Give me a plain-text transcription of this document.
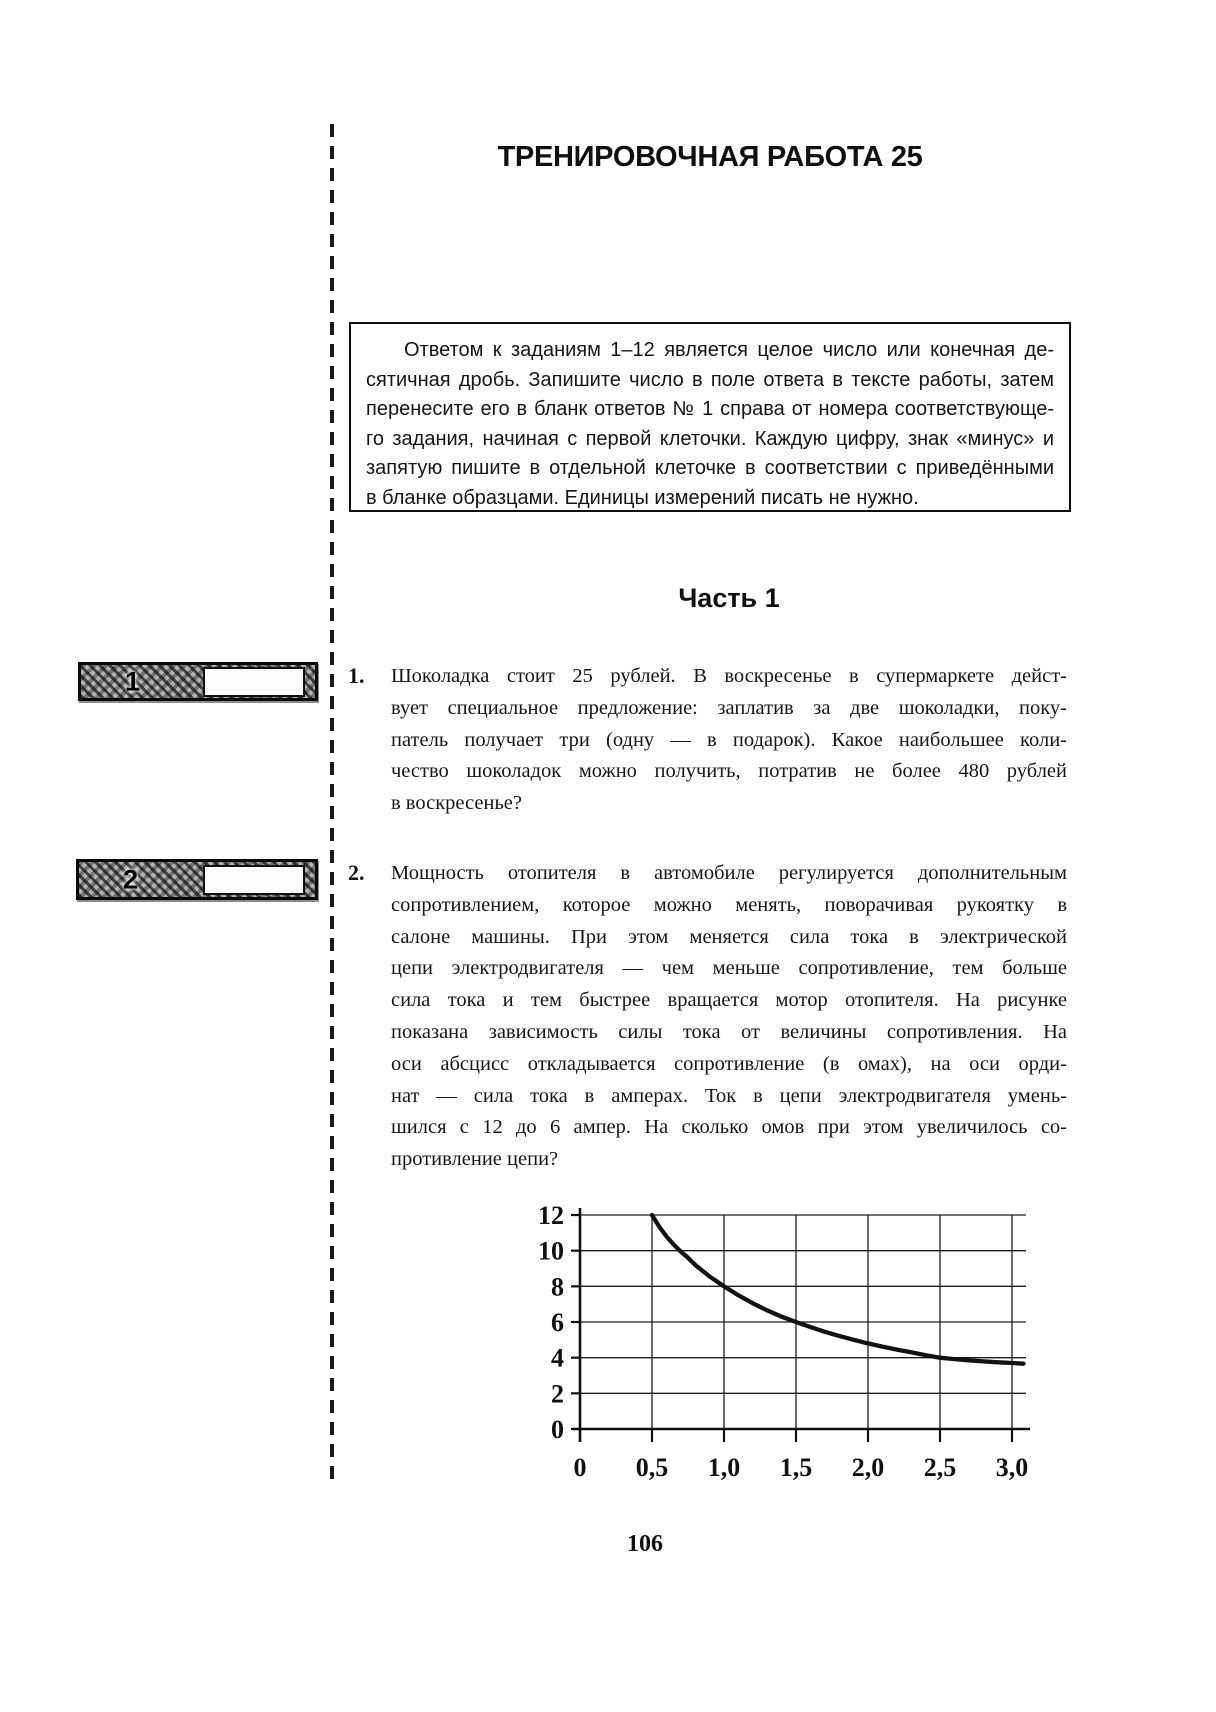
ТРЕНИРОВОЧНАЯ РАБОТА 25
Ответом к заданиям 1–12 является целое число или конечная де-
сятичная дробь. Запишите число в поле ответа в тексте работы, затем
перенесите его в бланк ответов № 1 справа от номера соответствующе-
го задания, начиная с первой клеточки. Каждую цифру, знак «минус» и
запятую пишите в отдельной клеточке в соответствии с приведёнными
в бланке образцами. Единицы измерений писать не нужно.
Часть 1
1	1.	Шоколадка стоит 25 рублей. В воскресенье в супермаркете дейст-
вует специальное предложение: заплатив за две шоколадки, поку-
патель получает три (одну — в подарок). Какое наибольшее коли-
чество шоколадок можно получить, потратив не более 480 рублей
в воскресенье?
2	2.	Мощность отопителя в автомобиле регулируется дополнительным
сопротивлением, которое можно менять, поворачивая рукоятку в
салоне машины. При этом меняется сила тока в электрической
цепи электродвигателя — чем меньше сопротивление, тем больше
сила тока и тем быстрее вращается мотор отопителя. На рисунке
показана зависимость силы тока от величины сопротивления. На
оси абсцисс откладывается сопротивление (в омах), на оси орди-
нат — сила тока в амперах. Ток в цепи электродвигателя умень-
шился с 12 до 6 ампер. На сколько омов при этом увеличилось со-
противление цепи?
0 0,5 1,0 1,5 2,0 2,5 3,0
12
10
8
6
4
2
0
106
